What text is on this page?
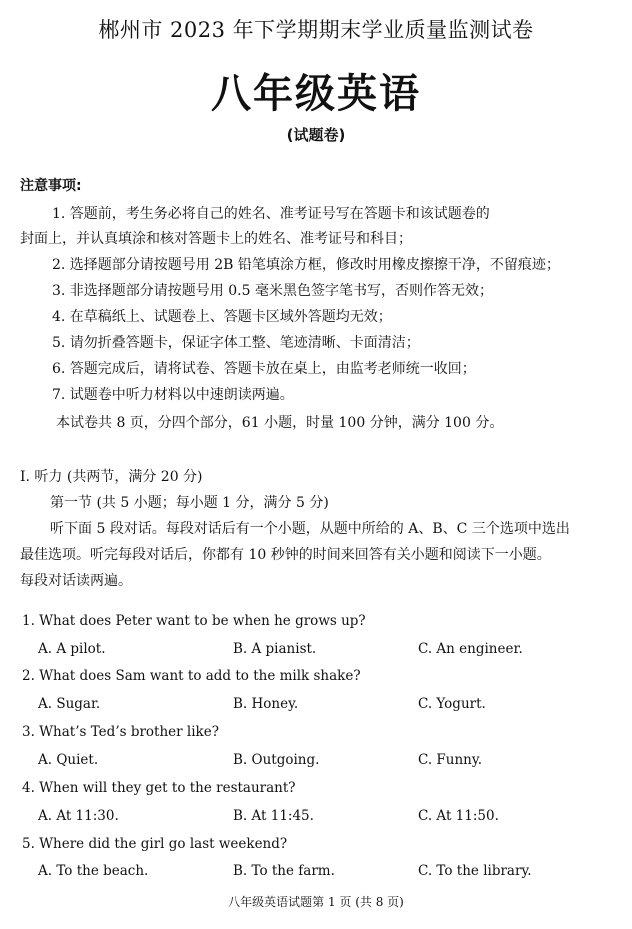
郴州市 2023 年下学期期末学业质量监测试卷
八年级英语
(试题卷)
注意事项:
1. 答题前，考生务必将自己的姓名、准考证号写在答题卡和该试题卷的
封面上，并认真填涂和核对答题卡上的姓名、准考证号和科目；
2. 选择题部分请按题号用 2B 铅笔填涂方框，修改时用橡皮擦擦干净，不留痕迹；
3. 非选择题部分请按题号用 0.5 毫米黑色签字笔书写，否则作答无效；
4. 在草稿纸上、试题卷上、答题卡区域外答题均无效；
5. 请勿折叠答题卡，保证字体工整、笔迹清晰、卡面清洁；
6. 答题完成后，请将试卷、答题卡放在桌上，由监考老师统一收回；
7. 试题卷中听力材料以中速朗读两遍。
本试卷共 8 页，分四个部分，61 小题，时量 100 分钟，满分 100 分。
Ⅰ. 听力 (共两节，满分 20 分)
第一节 (共 5 小题；每小题 1 分，满分 5 分)
听下面 5 段对话。每段对话后有一个小题，从题中所给的 A、B、C 三个选项中选出
最佳选项。听完每段对话后，你都有 10 秒钟的时间来回答有关小题和阅读下一小题。
每段对话读两遍。
1. What does Peter want to be when he grows up?
A. A pilot.	B. A pianist.	C. An engineer.
2. What does Sam want to add to the milk shake?
A. Sugar.	B. Honey.	C. Yogurt.
3. What’s Ted’s brother like?
A. Quiet.	B. Outgoing.	C. Funny.
4. When will they get to the restaurant?
A. At 11:30.	B. At 11:45.	C. At 11:50.
5. Where did the girl go last weekend?
A. To the beach.	B. To the farm.	C. To the library.
八年级英语试题第 1 页 (共 8 页)
